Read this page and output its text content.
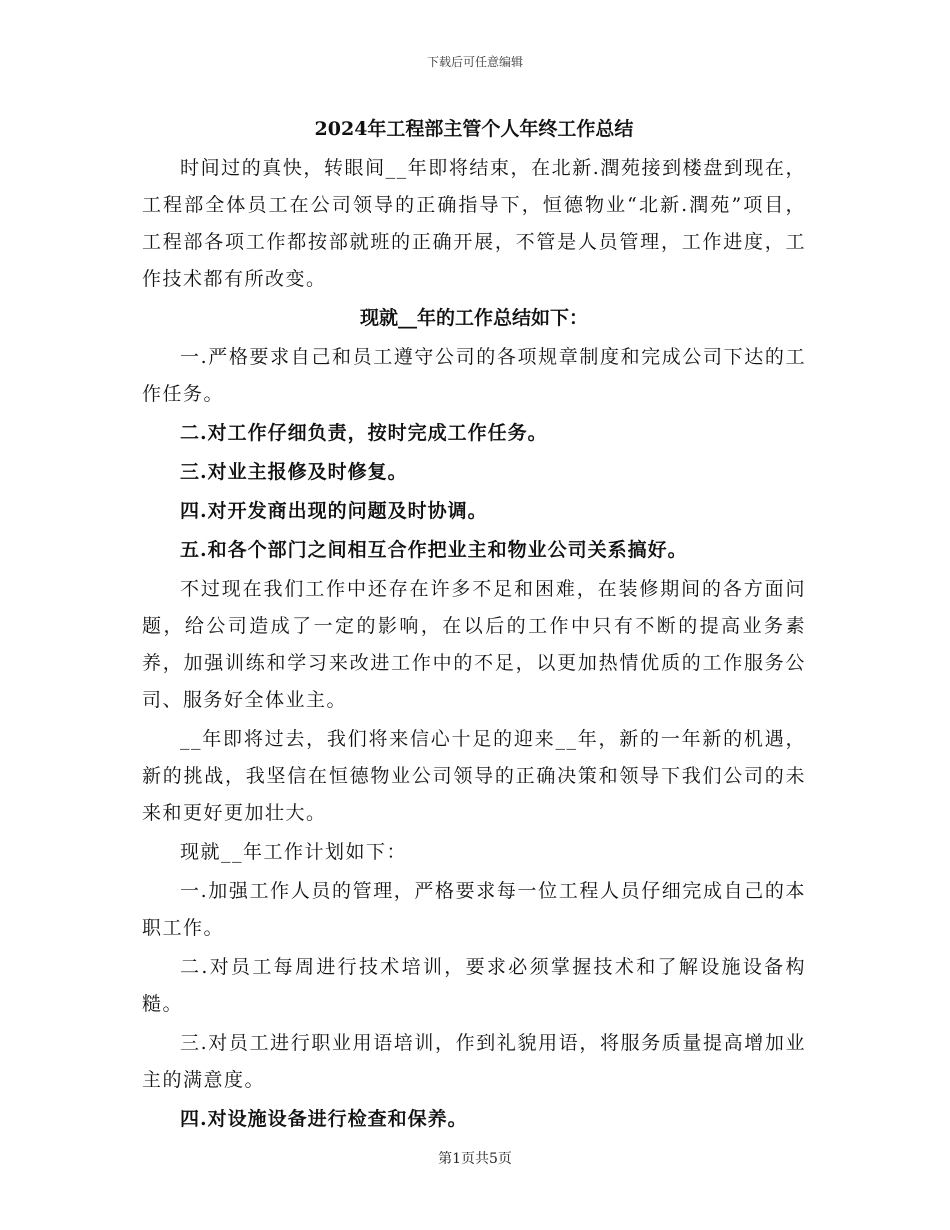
下载后可任意编辑
2024年工程部主管个人年终工作总结

时间过的真快，转眼间__年即将结束，在北新.潤苑接到楼盘到现在，工程部全体员工在公司领导的正确指导下，恒德物业“北新.潤苑”项目，工程部各项工作都按部就班的正确开展，不管是人员管理，工作进度，工作技术都有所改变。

现就__年的工作总结如下：

一.严格要求自己和员工遵守公司的各项规章制度和完成公司下达的工作任务。

二.对工作仔细负责，按时完成工作任务。

三.对业主报修及时修复。

四.对开发商出现的问题及时协调。

五.和各个部门之间相互合作把业主和物业公司关系搞好。

不过现在我们工作中还存在许多不足和困难，在装修期间的各方面问题，给公司造成了一定的影响，在以后的工作中只有不断的提高业务素养，加强训练和学习来改进工作中的不足，以更加热情优质的工作服务公司、服务好全体业主。

__年即将过去，我们将来信心十足的迎来__年，新的一年新的机遇，新的挑战，我坚信在恒德物业公司领导的正确决策和领导下我们公司的未来和更好更加壮大。

现就__年工作计划如下：

一.加强工作人员的管理，严格要求每一位工程人员仔细完成自己的本职工作。

二.对员工每周进行技术培训，要求必须掌握技术和了解设施设备构糙。

三.对员工进行职业用语培训，作到礼貌用语，将服务质量提高增加业主的满意度。

四.对设施设备进行检查和保养。

第1页共5页
